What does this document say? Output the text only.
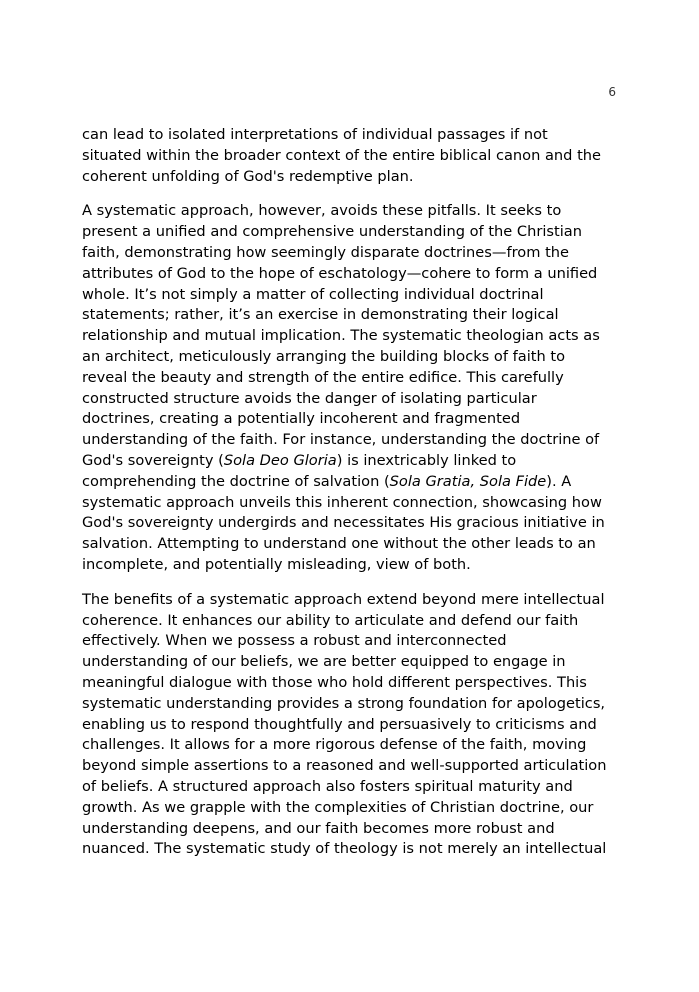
6

can lead to isolated interpretations of individual passages if not
situated within the broader context of the entire biblical canon and the
coherent unfolding of God's redemptive plan.

A systematic approach, however, avoids these pitfalls. It seeks to
present a unified and comprehensive understanding of the Christian
faith, demonstrating how seemingly disparate doctrines—from the
attributes of God to the hope of eschatology—cohere to form a unified
whole. It’s not simply a matter of collecting individual doctrinal
statements; rather, it’s an exercise in demonstrating their logical
relationship and mutual implication. The systematic theologian acts as
an architect, meticulously arranging the building blocks of faith to
reveal the beauty and strength of the entire edifice. This carefully
constructed structure avoids the danger of isolating particular
doctrines, creating a potentially incoherent and fragmented
understanding of the faith. For instance, understanding the doctrine of
God's sovereignty (Sola Deo Gloria) is inextricably linked to
comprehending the doctrine of salvation (Sola Gratia, Sola Fide). A
systematic approach unveils this inherent connection, showcasing how
God's sovereignty undergirds and necessitates His gracious initiative in
salvation. Attempting to understand one without the other leads to an
incomplete, and potentially misleading, view of both.

The benefits of a systematic approach extend beyond mere intellectual
coherence. It enhances our ability to articulate and defend our faith
effectively. When we possess a robust and interconnected
understanding of our beliefs, we are better equipped to engage in
meaningful dialogue with those who hold different perspectives. This
systematic understanding provides a strong foundation for apologetics,
enabling us to respond thoughtfully and persuasively to criticisms and
challenges. It allows for a more rigorous defense of the faith, moving
beyond simple assertions to a reasoned and well-supported articulation
of beliefs. A structured approach also fosters spiritual maturity and
growth. As we grapple with the complexities of Christian doctrine, our
understanding deepens, and our faith becomes more robust and
nuanced. The systematic study of theology is not merely an intellectual
